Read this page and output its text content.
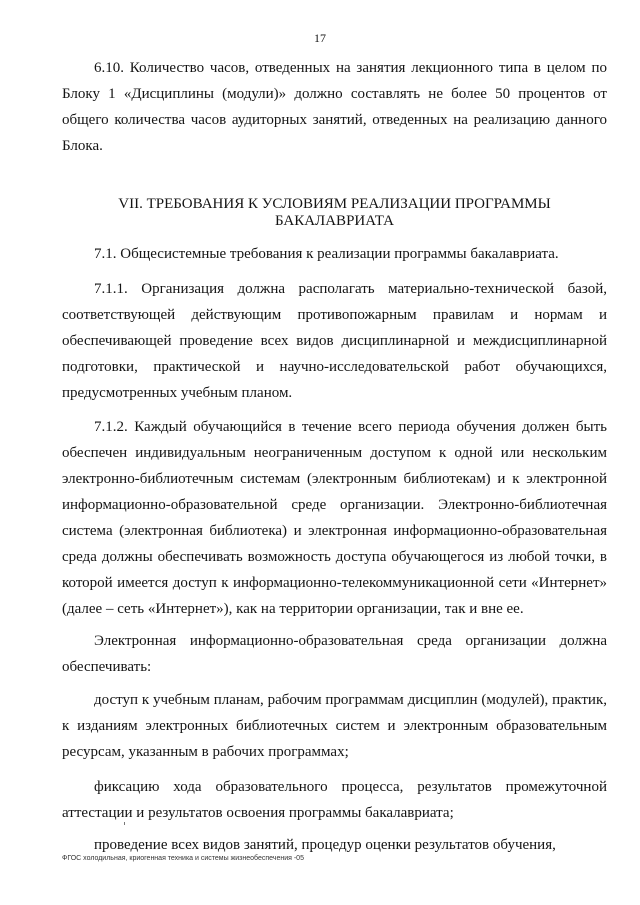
17

6.10. Количество часов, отведенных на занятия лекционного типа в целом по Блоку 1 «Дисциплины (модули)» должно составлять не более 50 процентов от общего количества часов аудиторных занятий, отведенных на реализацию данного Блока.

VII. ТРЕБОВАНИЯ К УСЛОВИЯМ РЕАЛИЗАЦИИ ПРОГРАММЫ
БАКАЛАВРИАТА

7.1. Общесистемные требования к реализации программы бакалавриата.

7.1.1. Организация должна располагать материально-технической базой, соответствующей действующим противопожарным правилам и нормам и обеспечивающей проведение всех видов дисциплинарной и междисциплинарной подготовки, практической и научно-исследовательской работ обучающихся, предусмотренных учебным планом.

7.1.2. Каждый обучающийся в течение всего периода обучения должен быть обеспечен индивидуальным неограниченным доступом к одной или нескольким электронно-библиотечным системам (электронным библиотекам) и к электронной информационно-образовательной среде организации. Электронно-библиотечная система (электронная библиотека) и электронная информационно-образовательная среда должны обеспечивать возможность доступа обучающегося из любой точки, в которой имеется доступ к информационно-телекоммуникационной сети «Интернет» (далее – сеть «Интернет»), как на территории организации, так и вне ее.

Электронная информационно-образовательная среда организации должна обеспечивать:

доступ к учебным планам, рабочим программам дисциплин (модулей), практик, к изданиям электронных библиотечных систем и электронным образовательным ресурсам, указанным в рабочих программах;

фиксацию хода образовательного процесса, результатов промежуточной аттестации и результатов освоения программы бакалавриата;

проведение всех видов занятий, процедур оценки результатов обучения,

ФГОС холодильная, криогенная техника и системы жизнеобеспечения -05
